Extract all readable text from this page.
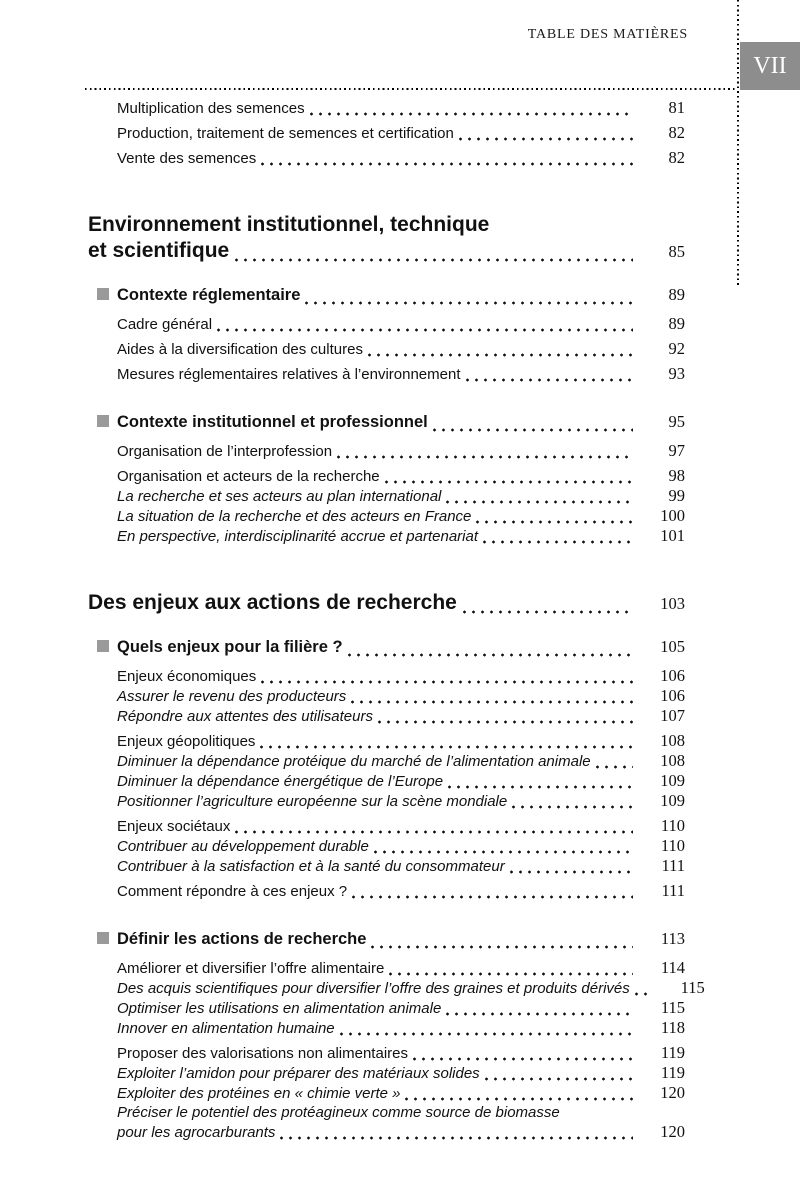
TABLE DES MATIÈRES
VII
Multiplication des semences	81
Production, traitement de semences et certification	82
Vente des semences	82
Environnement institutionnel, technique
et scientifique	85
Contexte réglementaire	89
Cadre général	89
Aides à la diversification des cultures	92
Mesures réglementaires relatives à l’environnement	93
Contexte institutionnel et professionnel	95
Organisation de l’interprofession	97
Organisation et acteurs de la recherche	98
La recherche et ses acteurs au plan international	99
La situation de la recherche et des acteurs en France	100
En perspective, interdisciplinarité accrue et partenariat	101
Des enjeux aux actions de recherche	103
Quels enjeux pour la filière ?	105
Enjeux économiques	106
Assurer le revenu des producteurs	106
Répondre aux attentes des utilisateurs	107
Enjeux géopolitiques	108
Diminuer la dépendance protéique du marché de l’alimentation animale	108
Diminuer la dépendance énergétique de l’Europe	109
Positionner l’agriculture européenne sur la scène mondiale	109
Enjeux sociétaux	110
Contribuer au développement durable	110
Contribuer à la satisfaction et à la santé du consommateur	111
Comment répondre à ces enjeux ?	111
Définir les actions de recherche	113
Améliorer et diversifier l’offre alimentaire	114
Des acquis scientifiques pour diversifier l’offre des graines et produits dérivés	115
Optimiser les utilisations en alimentation animale	115
Innover en alimentation humaine	118
Proposer des valorisations non alimentaires	119
Exploiter l’amidon pour préparer des matériaux solides	119
Exploiter des protéines en « chimie verte »	120
Préciser le potentiel des protéagineux comme source de biomasse
pour les agrocarburants	120
